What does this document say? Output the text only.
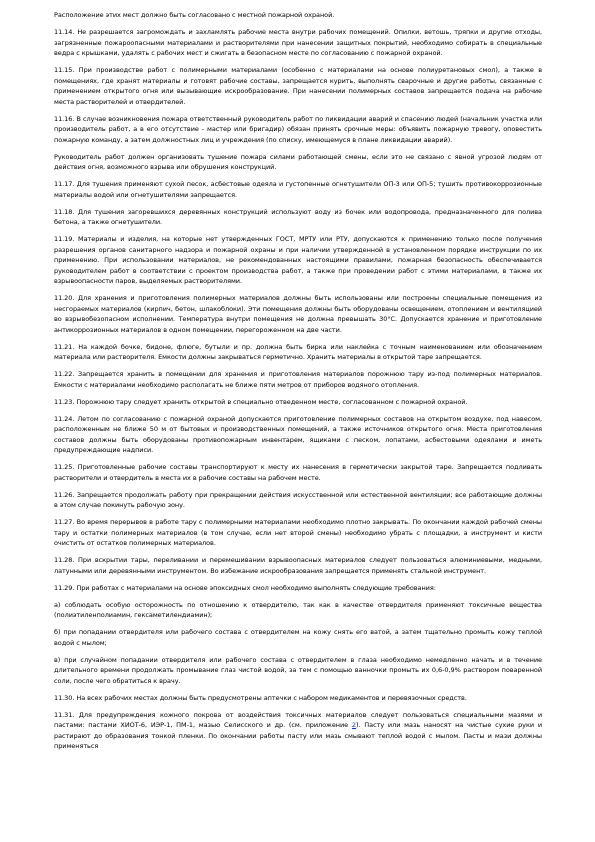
Расположение этих мест должно быть согласовано с местной пожарной охраной.

11.14. Не разрешается загромождать и захламлять рабочие места внутри рабочих помещений. Опилки, ветошь, тряпки и другие отходы, загрязненные пожароопасными материалами и растворителями при нанесении защитных покрытий, необходимо собирать в специальные ведра с крышками, удалять с рабочих мест и сжигать в безопасном месте по согласованию с пожарной охраной.

11.15. При производстве работ с полимерными материалами (особенно с материалами на основе полиуретановых смол), а также в помещениях, где хранят материалы и готовят рабочие составы, запрещается курить, выполнять сварочные и другие работы, связанные с применением открытого огня или вызывающие искрообразование. При нанесении полимерных составов запрещается подача на рабочие места растворителей и отвердителей.

11.16. В случае возникновения пожара ответственный руководитель работ по ликвидации аварий и спасению людей (начальник участка или производитель работ, а в его отсутствие - мастер или бригадир) обязан принять срочные меры: объявить пожарную тревогу, оповестить пожарную команду, а затем должностных лиц и учреждения (по списку, имеющемуся в плане ликвидации аварий).

Руководитель работ должен организовать тушение пожара силами работающей смены, если это не связано с явной угрозой людям от действия огня, возможного взрыва или обрушения конструкций.

11.17. Для тушения применяют сухой песок, асбестовые одеяла и густопенные огнетушители ОП-3 или ОП-5; тушить противокоррозионные материалы водой или огнетушителями запрещается.

11.18. Для тушения загоревшихся деревянных конструкций используют воду из бочек или водопровода, предназначенного для полива бетона, а также огнетушители.

11.19. Материалы и изделия, на которые нет утвержденных ГОСТ, МРТУ или РТУ, допускаются к применению только после получения разрешения органов санитарного надзора и пожарной охраны и при наличии утвержденной в установленном порядке инструкции по их применению. При использовании материалов, не рекомендованных настоящими правилами, пожарная безопасность обеспечивается руководителем работ в соответствии с проектом производства работ, а также при проведении работ с этими материалами, в также их взрывоопасности паров, выделяемых растворителями.

11.20. Для хранения и приготовления полимерных материалов должны быть использованы или построены специальные помещения из несгораемых материалов (кирпич, бетон, шлакоблоки). Эти помещения должны быть оборудованы освещением, отоплением и вентиляцией во взрывобезопасном исполнении. Температура внутри помещения не должна превышать 30°С. Допускается хранение и приготовление антикоррозионных материалов в одном помещении, перегороженном на две части.

11.21. На каждой бочке, бидоне, флюге, бутыли и пр. должна быть бирка или наклейка с точным наименованием или обозначением материала или растворителя. Емкости должны закрываться герметично. Хранить материалы в открытой таре запрещается.

11.22. Запрещается хранить в помещении для хранения и приготовления материалов порожнюю тару из-под полимерных материалов. Емкости с материалами необходимо располагать не ближе пяти метров от приборов водяного отопления.

11.23. Порожнюю тару следует хранить открытой в специально отведенном месте, согласованном с пожарной охраной.

11.24. Летом по согласованию с пожарной охраной допускается приготовление полимерных составов на открытом воздухе, под навесом, расположенным не ближе 50 м от бытовых и производственных помещений, а также источников открытого огня. Места приготовления составов должны быть оборудованы противопожарным инвентарем, ящиками с песком, лопатами, асбестовыми одеялами и иметь предупреждающие надписи.

11.25. Приготовленные рабочие составы транспортируют к месту их нанесения в герметически закрытой таре. Запрещается подливать растворители и отвердитель в места их в рабочие составы на рабочем месте.

11.26. Запрещается продолжать работу при прекращении действия искусственной или естественной вентиляции; все работающие должны в этом случае покинуть рабочую зону.

11.27. Во время перерывов в работе тару с полимерными материалами необходимо плотно закрывать. По окончании каждой рабочей смены тару и остатки полимерных материалов (в том случае, если нет второй смены) необходимо убрать с площадки, а инструмент и кисти очистить от остатков полимерных материалов.

11.28. При вскрытии тары, переливании и перемешивании взрывоопасных материалов следует пользоваться алюминиевыми, медными, латунными или деревянными инструментом. Во избежание искрообразования запрещается применять стальной инструмент.

11.29. При работах с материалами на основе эпоксидных смол необходимо выполнять следующие требования:

а) соблюдать особую осторожность по отношению к отвердителю, так как в качестве отвердителя применяют токсичные вещества (полиэтиленполиамин, гексаметилендиамин);

б) при попадании отвердителя или рабочего состава с отвердителем на кожу снять его ватой, а затем тщательно промыть кожу теплой водой с мылом;

в) при случайном попадании отвердителя или рабочего состава с отвердителем в глаза необходимо немедленно начать и в течение длительного времени продолжать промывание глаз чистой водой, за тем с помощью ванночки промыть их 0,6-0,9% раствором поваренной соли, после чего обратиться к врачу.

11.30. На всех рабочих местах должны быть предусмотрены аптечки с набором медикаментов и перевязочных средств.

11.31. Для предупреждения кожного покрова от воздействия токсичных материалов следует пользоваться специальными мазями и пастами: пастами ХИОТ-6, ИЭР-1, ПМ-1, мазью Селисского и др. (см. приложение 2). Пасту или мазь наносят на чистые сухие руки и растирают до образования тонкой пленки. По окончании работы пасту или мазь смывают теплой водой с мылом. Пасты и мази должны применяться
